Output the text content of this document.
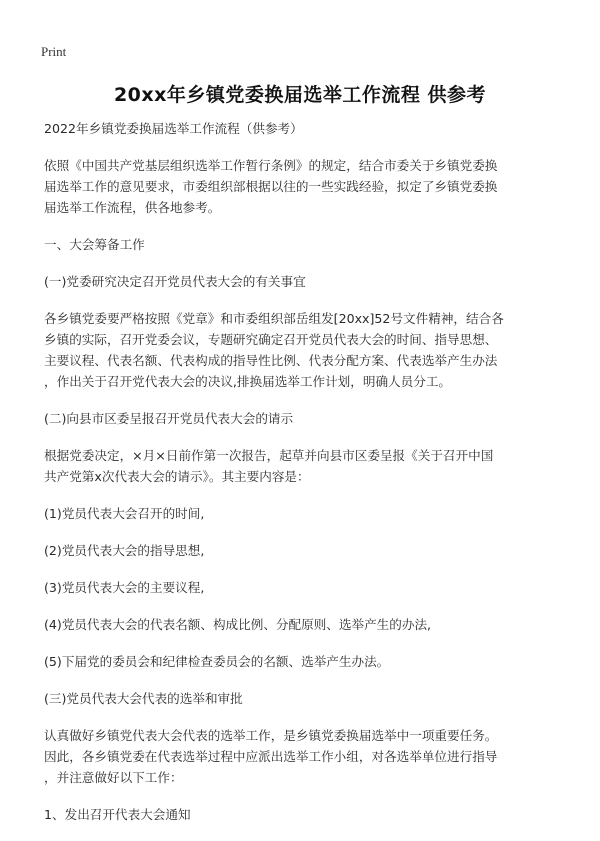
Print
20xx年乡镇党委换届选举工作流程 供参考

2022年乡镇党委换届选举工作流程（供参考）

依照《中国共产党基层组织选举工作暂行条例》的规定，结合市委关于乡镇党委换
届选举工作的意见要求，市委组织部根据以往的一些实践经验，拟定了乡镇党委换
届选举工作流程，供各地参考。

一、大会筹备工作

(一)党委研究决定召开党员代表大会的有关事宜

各乡镇党委要严格按照《党章》和市委组织部岳组发[20xx]52号文件精神，结合各
乡镇的实际，召开党委会议，专题研究确定召开党员代表大会的时间、指导思想、
主要议程、代表名额、代表构成的指导性比例、代表分配方案、代表选举产生办法
，作出关于召开党代表大会的决议,排换届选举工作计划，明确人员分工。

(二)向县市区委呈报召开党员代表大会的请示

根据党委决定，×月×日前作第一次报告，起草并向县市区委呈报《关于召开中国
共产党第x次代表大会的请示》。其主要内容是：

(1)党员代表大会召开的时间,

(2)党员代表大会的指导思想,

(3)党员代表大会的主要议程,

(4)党员代表大会的代表名额、构成比例、分配原则、选举产生的办法,

(5)下届党的委员会和纪律检查委员会的名额、选举产生办法。

(三)党员代表大会代表的选举和审批

认真做好乡镇党代表大会代表的选举工作，是乡镇党委换届选举中一项重要任务。
因此，各乡镇党委在代表选举过程中应派出选举工作小组，对各选举单位进行指导
，并注意做好以下工作：

1、发出召开代表大会通知
